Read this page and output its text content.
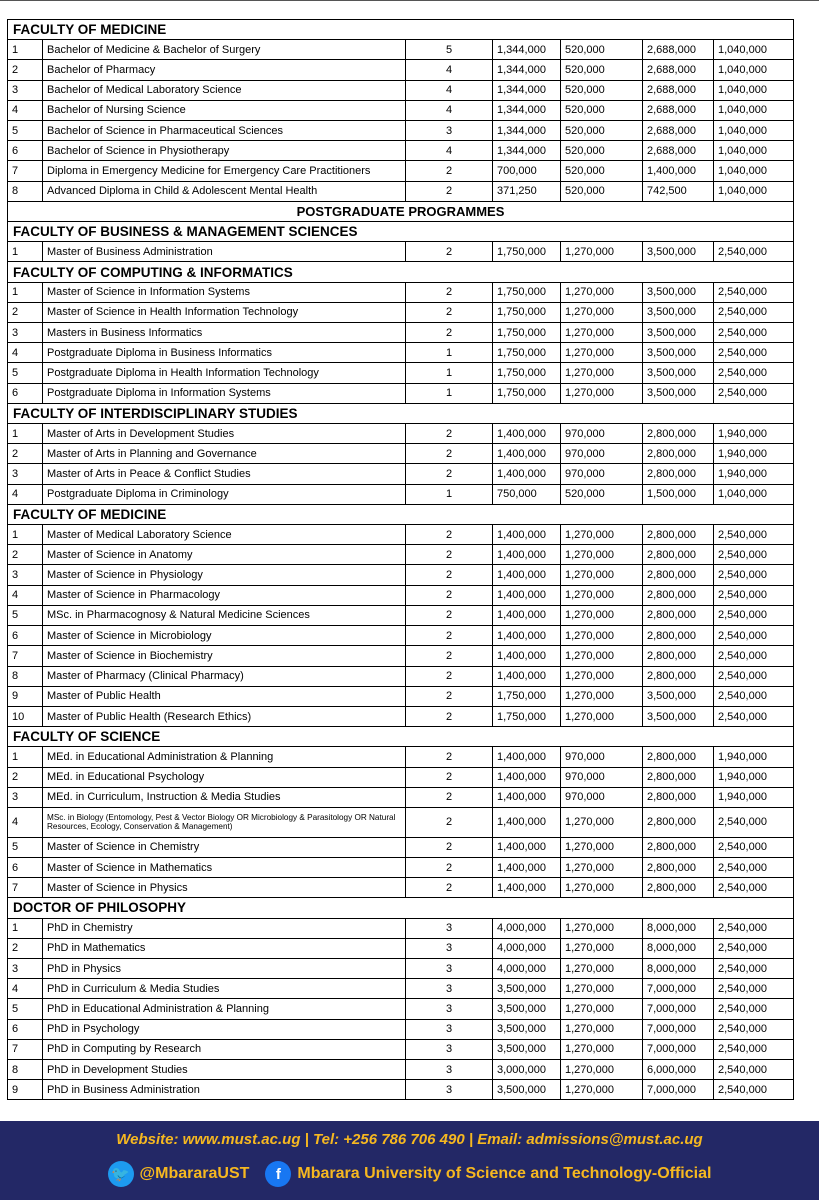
FACULTY OF MEDICINE
1	Bachelor of Medicine & Bachelor of Surgery	5	1,344,000	520,000	2,688,000	1,040,000
2	Bachelor of Pharmacy	4	1,344,000	520,000	2,688,000	1,040,000
3	Bachelor of Medical Laboratory Science	4	1,344,000	520,000	2,688,000	1,040,000
4	Bachelor of Nursing Science	4	1,344,000	520,000	2,688,000	1,040,000
5	Bachelor of Science in Pharmaceutical Sciences	3	1,344,000	520,000	2,688,000	1,040,000
6	Bachelor of Science in Physiotherapy	4	1,344,000	520,000	2,688,000	1,040,000
7	Diploma in Emergency Medicine for Emergency Care Practitioners	2	700,000	520,000	1,400,000	1,040,000
8	Advanced Diploma in Child & Adolescent Mental Health	2	371,250	520,000	742,500	1,040,000
POSTGRADUATE PROGRAMMES
FACULTY OF BUSINESS & MANAGEMENT SCIENCES
1	Master of Business Administration	2	1,750,000	1,270,000	3,500,000	2,540,000
FACULTY OF COMPUTING & INFORMATICS
1	Master of Science in Information Systems	2	1,750,000	1,270,000	3,500,000	2,540,000
2	Master of Science in Health Information Technology	2	1,750,000	1,270,000	3,500,000	2,540,000
3	Masters in Business Informatics	2	1,750,000	1,270,000	3,500,000	2,540,000
4	Postgraduate Diploma in Business Informatics	1	1,750,000	1,270,000	3,500,000	2,540,000
5	Postgraduate Diploma in Health Information Technology	1	1,750,000	1,270,000	3,500,000	2,540,000
6	Postgraduate Diploma in Information Systems	1	1,750,000	1,270,000	3,500,000	2,540,000
FACULTY OF INTERDISCIPLINARY STUDIES
1	Master of Arts in Development Studies	2	1,400,000	970,000	2,800,000	1,940,000
2	Master of Arts in Planning and Governance	2	1,400,000	970,000	2,800,000	1,940,000
3	Master of Arts in Peace & Conflict Studies	2	1,400,000	970,000	2,800,000	1,940,000
4	Postgraduate Diploma in Criminology	1	750,000	520,000	1,500,000	1,040,000
FACULTY OF MEDICINE
1	Master of Medical Laboratory Science	2	1,400,000	1,270,000	2,800,000	2,540,000
2	Master of Science in Anatomy	2	1,400,000	1,270,000	2,800,000	2,540,000
3	Master of Science in Physiology	2	1,400,000	1,270,000	2,800,000	2,540,000
4	Master of Science in Pharmacology	2	1,400,000	1,270,000	2,800,000	2,540,000
5	MSc. in Pharmacognosy & Natural Medicine Sciences	2	1,400,000	1,270,000	2,800,000	2,540,000
6	Master of Science in Microbiology	2	1,400,000	1,270,000	2,800,000	2,540,000
7	Master of Science in Biochemistry	2	1,400,000	1,270,000	2,800,000	2,540,000
8	Master of Pharmacy (Clinical Pharmacy)	2	1,400,000	1,270,000	2,800,000	2,540,000
9	Master of Public Health	2	1,750,000	1,270,000	3,500,000	2,540,000
10	Master of Public Health (Research Ethics)	2	1,750,000	1,270,000	3,500,000	2,540,000
FACULTY OF SCIENCE
1	MEd. in Educational Administration & Planning	2	1,400,000	970,000	2,800,000	1,940,000
2	MEd. in Educational Psychology	2	1,400,000	970,000	2,800,000	1,940,000
3	MEd. in Curriculum, Instruction & Media Studies	2	1,400,000	970,000	2,800,000	1,940,000
4	MSc. in Biology (Entomology, Pest & Vector Biology OR Microbiology & Parasitology OR Natural Resources, Ecology, Conservation & Management)	2	1,400,000	1,270,000	2,800,000	2,540,000
5	Master of Science in Chemistry	2	1,400,000	1,270,000	2,800,000	2,540,000
6	Master of Science in Mathematics	2	1,400,000	1,270,000	2,800,000	2,540,000
7	Master of Science in Physics	2	1,400,000	1,270,000	2,800,000	2,540,000
DOCTOR OF PHILOSOPHY
1	PhD in Chemistry	3	4,000,000	1,270,000	8,000,000	2,540,000
2	PhD in Mathematics	3	4,000,000	1,270,000	8,000,000	2,540,000
3	PhD in Physics	3	4,000,000	1,270,000	8,000,000	2,540,000
4	PhD in Curriculum & Media Studies	3	3,500,000	1,270,000	7,000,000	2,540,000
5	PhD in Educational Administration & Planning	3	3,500,000	1,270,000	7,000,000	2,540,000
6	PhD in Psychology	3	3,500,000	1,270,000	7,000,000	2,540,000
7	PhD in Computing by Research	3	3,500,000	1,270,000	7,000,000	2,540,000
8	PhD in Development Studies	3	3,000,000	1,270,000	6,000,000	2,540,000
9	PhD in Business Administration	3	3,500,000	1,270,000	7,000,000	2,540,000
Website: www.must.ac.ug | Tel: +256 786 706 490 | Email: admissions@must.ac.ug
🐦 @MbararaUST	f	Mbarara University of Science and Technology-Official
